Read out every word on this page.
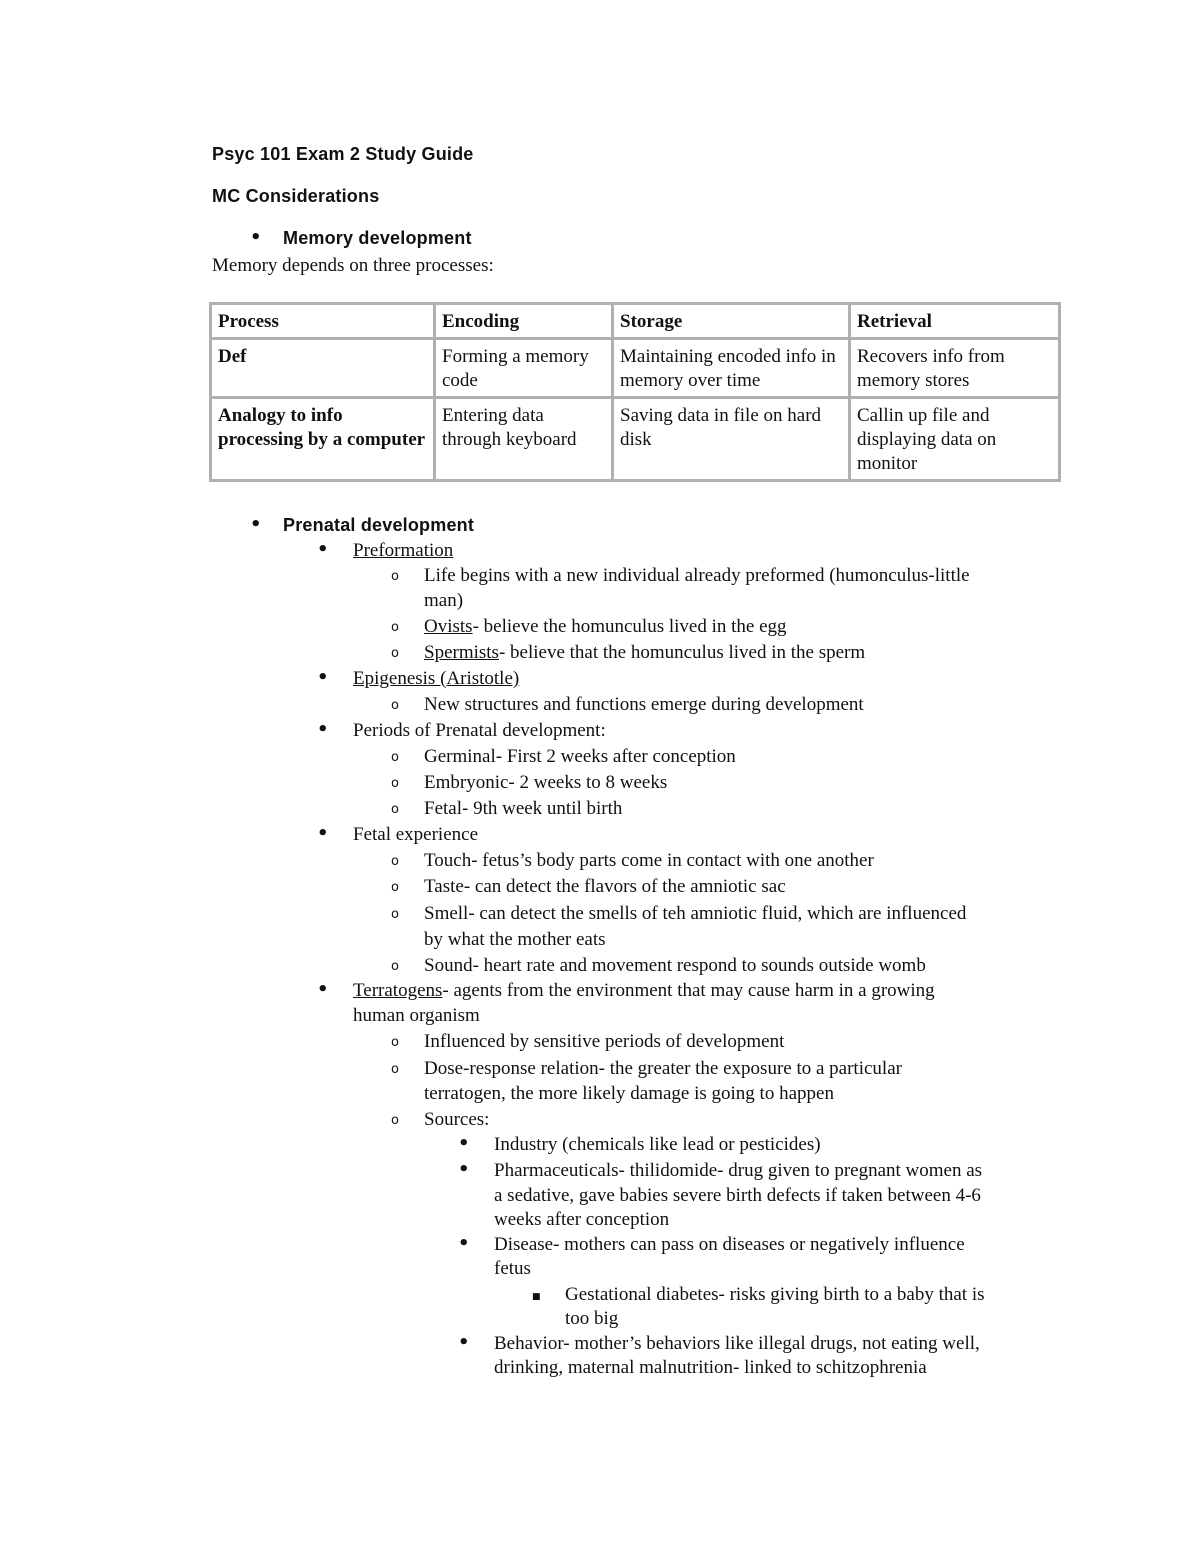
Psyc 101 Exam 2 Study Guide
MC Considerations
• Memory development
Memory depends on three processes:
Process	Encoding	Storage	Retrieval
Def	Forming a memory code	Maintaining encoded info in memory over time	Recovers info from memory stores
Analogy to info processing by a computer	Entering data through keyboard	Saving data in file on hard disk	Callin up file and displaying data on monitor
• Prenatal development
• Preformation
o Life begins with a new individual already preformed (humonculus-little
man)
o Ovists- believe the homunculus lived in the egg
o Spermists- believe that the homunculus lived in the sperm
• Epigenesis (Aristotle)
o New structures and functions emerge during development
• Periods of Prenatal development:
o Germinal- First 2 weeks after conception
o Embryonic- 2 weeks to 8 weeks
o Fetal- 9th week until birth
• Fetal experience
o Touch- fetus’s body parts come in contact with one another
o Taste- can detect the flavors of the amniotic sac
o Smell- can detect the smells of teh amniotic fluid, which are influenced
by what the mother eats
o Sound- heart rate and movement respond to sounds outside womb
• Terratogens- agents from the environment that may cause harm in a growing
human organism
o Influenced by sensitive periods of development
o Dose-response relation- the greater the exposure to a particular
terratogen, the more likely damage is going to happen
o Sources:
• Industry (chemicals like lead or pesticides)
• Pharmaceuticals- thilidomide- drug given to pregnant women as
a sedative, gave babies severe birth defects if taken between 4-6
weeks after conception
• Disease- mothers can pass on diseases or negatively influence
fetus
■ Gestational diabetes- risks giving birth to a baby that is
too big
• Behavior- mother’s behaviors like illegal drugs, not eating well,
drinking, maternal malnutrition- linked to schitzophrenia
